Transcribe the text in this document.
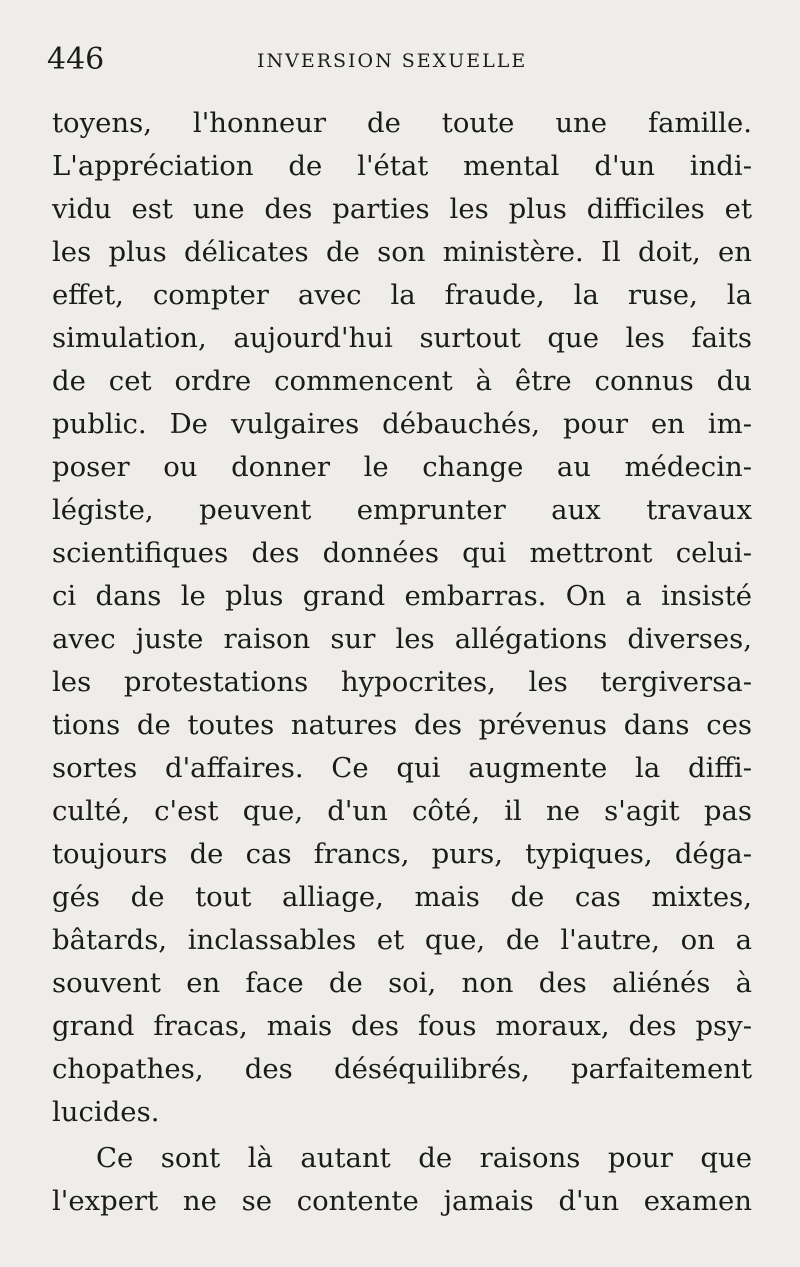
446	INVERSION SEXUELLE
toyens, l'honneur de toute une famille.
L'appréciation de l'état mental d'un indi-
vidu est une des parties les plus difficiles et
les plus délicates de son ministère. Il doit, en
effet, compter avec la fraude, la ruse, la
simulation, aujourd'hui surtout que les faits
de cet ordre commencent à être connus du
public. De vulgaires débauchés, pour en im-
poser ou donner le change au médecin-
légiste, peuvent emprunter aux travaux
scientifiques des données qui mettront celui-
ci dans le plus grand embarras. On a insisté
avec juste raison sur les allégations diverses,
les protestations hypocrites, les tergiversa-
tions de toutes natures des prévenus dans ces
sortes d'affaires. Ce qui augmente la diffi-
culté, c'est que, d'un côté, il ne s'agit pas
toujours de cas francs, purs, typiques, déga-
gés de tout alliage, mais de cas mixtes,
bâtards, inclassables et que, de l'autre, on a
souvent en face de soi, non des aliénés à
grand fracas, mais des fous moraux, des psy-
chopathes, des déséquilibrés, parfaitement
lucides.
Ce sont là autant de raisons pour que
l'expert ne se contente jamais d'un examen
